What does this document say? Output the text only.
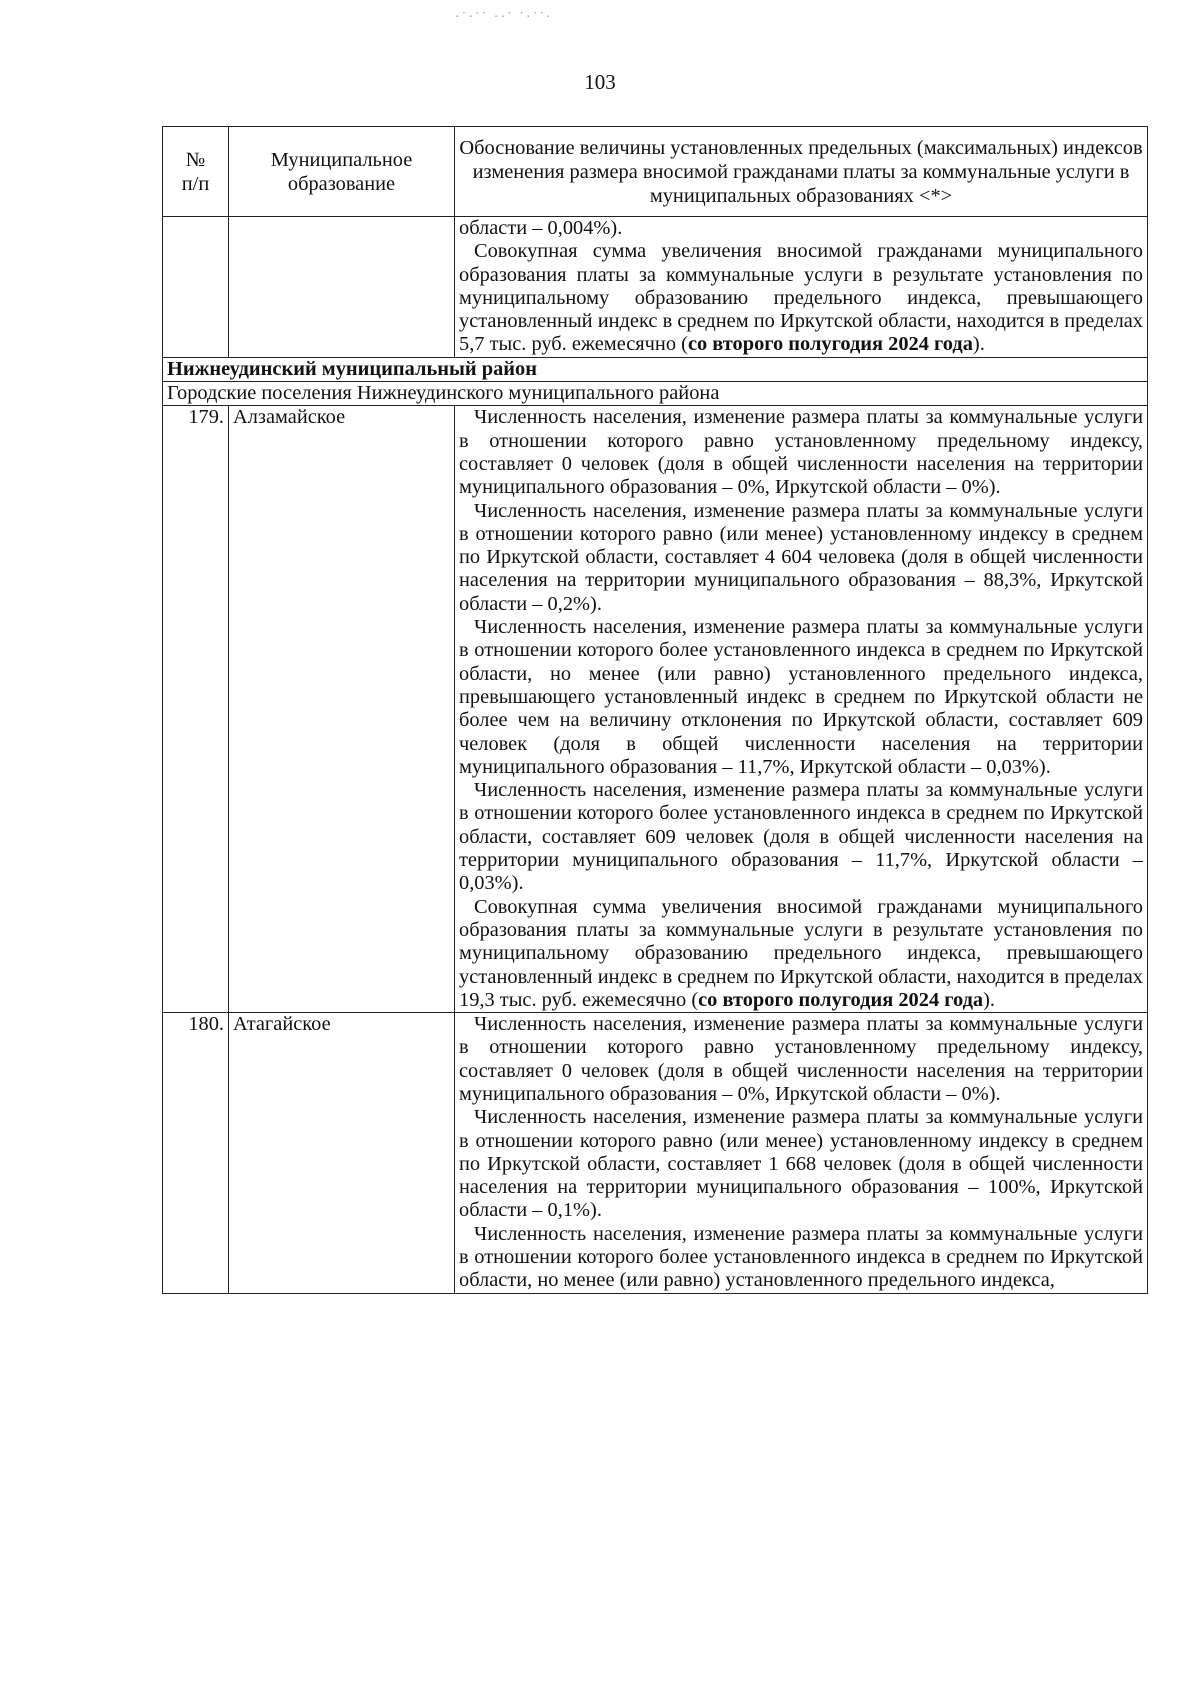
·˙·˙˙ ··˙ ˙·˙˙·
103
№
п/п	Муниципальное образование	Обоснование величины установленных предельных (максимальных) индексов изменения размера вносимой гражданами платы за коммунальные услуги в муниципальных образованиях <*>

		области – 0,004%).

Совокупная сумма увеличения вносимой гражданами муниципального образования платы за коммунальные услуги в результате установления по муниципальному образованию предельного индекса, превышающего установленный индекс в среднем по Иркутской области, находится в пределах 5,7 тыс. руб. ежемесячно (со второго полугодия 2024 года).

Нижнеудинский муниципальный район		
Городские поселения Нижнеудинского муниципального района		
179.	Алзамайское	Численность населения, изменение размера платы за коммунальные услуги в отношении которого равно установленному предельному индексу, составляет 0 человек (доля в общей численности населения на территории муниципального образования – 0%, Иркутской области – 0%).

Численность населения, изменение размера платы за коммунальные услуги в отношении которого равно (или менее) установленному индексу в среднем по Иркутской области, составляет 4 604 человека (доля в общей численности населения на территории муниципального образования – 88,3%, Иркутской области – 0,2%).

Численность населения, изменение размера платы за коммунальные услуги в отношении которого более установленного индекса в среднем по Иркутской области, но менее (или равно) установленного предельного индекса, превышающего установленный индекс в среднем по Иркутской области не более чем на величину отклонения по Иркутской области, составляет 609 человек (доля в общей численности населения на территории муниципального образования – 11,7%, Иркутской области – 0,03%).

Численность населения, изменение размера платы за коммунальные услуги в отношении которого более установленного индекса в среднем по Иркутской области, составляет 609 человек (доля в общей численности населения на территории муниципального образования – 11,7%, Иркутской области – 0,03%).

Совокупная сумма увеличения вносимой гражданами муниципального образования платы за коммунальные услуги в результате установления по муниципальному образованию предельного индекса, превышающего установленный индекс в среднем по Иркутской области, находится в пределах 19,3 тыс. руб. ежемесячно (со второго полугодия 2024 года).

180.	Атагайское	Численность населения, изменение размера платы за коммунальные услуги в отношении которого равно установленному предельному индексу, составляет 0 человек (доля в общей численности населения на территории муниципального образования – 0%, Иркутской области – 0%).

Численность населения, изменение размера платы за коммунальные услуги в отношении которого равно (или менее) установленному индексу в среднем по Иркутской области, составляет 1 668 человек (доля в общей численности населения на территории муниципального образования – 100%, Иркутской области – 0,1%).

Численность населения, изменение размера платы за коммунальные услуги в отношении которого более установленного индекса в среднем по Иркутской области, но менее (или равно) установленного предельного индекса,
